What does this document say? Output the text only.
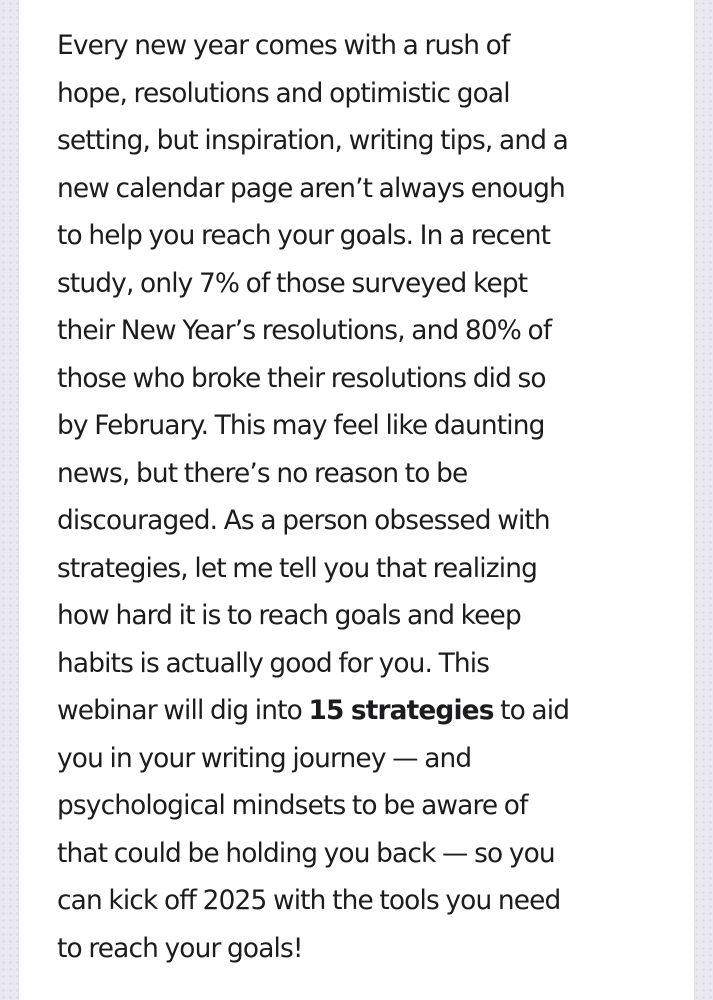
Every new year comes with a rush of
hope, resolutions and optimistic goal
setting, but inspiration, writing tips, and a
new calendar page aren’t always enough
to help you reach your goals. In a recent
study, only 7% of those surveyed kept
their New Year’s resolutions, and 80% of
those who broke their resolutions did so
by February. This may feel like daunting
news, but there’s no reason to be
discouraged. As a person obsessed with
strategies, let me tell you that realizing
how hard it is to reach goals and keep
habits is actually good for you. This
webinar will dig into 15 strategies to aid
you in your writing journey — and
psychological mindsets to be aware of
that could be holding you back — so you
can kick off 2025 with the tools you need
to reach your goals!
